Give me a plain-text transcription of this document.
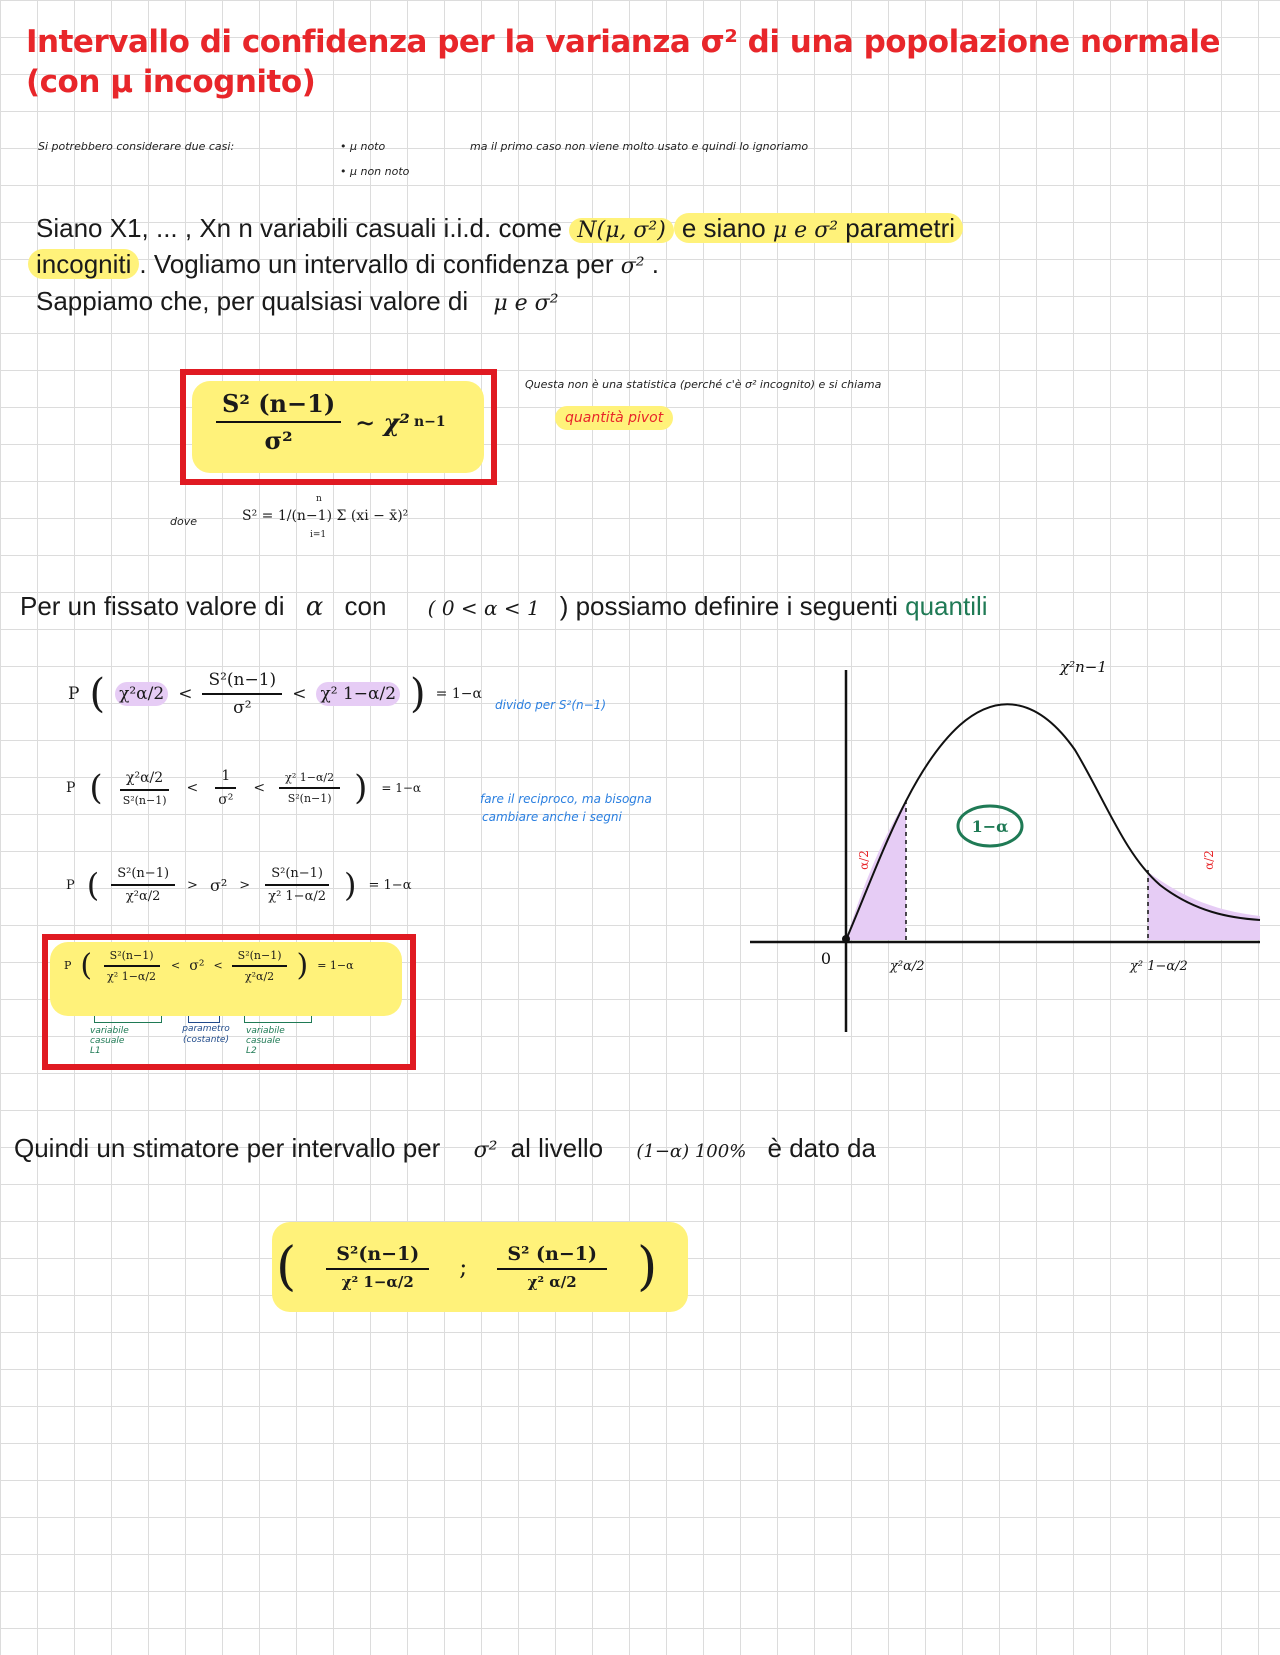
Intervallo di confidenza per la varianza σ² di una popolazione normale (con μ incognito)
Si potrebbero considerare due casi:	• μ noto
• μ non noto
ma il primo caso non viene molto usato e quindi lo ignoriamo
Siano X1, ... , Xn n variabili casuali i.i.d. come N(μ, σ²) e siano μ e σ² parametri
incogniti . Vogliamo un intervallo di confidenza per σ² .
Sappiamo che, per qualsiasi valore di μ e σ²
$\frac{\text{S² (n−1)}}{\text{σ²}}$ ∼ χ² n−1
Questa non è una statistica (perché c'è σ² incognito) e si chiama
quantità pivot
dove	S² = 1/(n−1) Σ (xi − x̄)²
n
i=1
Per un fissato valore di α con ( 0 < α < 1 ) possiamo definire i seguenti quantili
P ( $\chi^2\alpha/2 < \frac{\text{S²(n−1)}}{\text{σ²}} < \chi^2$ 1−α/2 ) = 1−α
divido per S²(n−1)
P ( $\frac{\text{χ²α/2}}{\text{S²(n−1)}} < \frac{1}{\text{σ²}} < \frac{\text{χ² 1−α/2}}{\text{S²(n−1)}}$ ) = 1−α
fare il reciproco, ma bisogna
cambiare anche i segni
P ( $\frac{\text{S²(n−1)}}{\text{χ²α/2}} > \sigma^2 > \frac{\text{S²(n−1)}}{\text{χ² 1−α/2}}$ ) = 1−α
P ( $\frac{\text{S²(n−1)}}{\text{χ² 1−α/2}} < \sigma^2 < \frac{\text{S²(n−1)}}{\text{χ²α/2}}$ ) = 1−α
variabile casuale
L1
parametro
(costante)
variabile casuale
L2
1−α
χ²n−1
0	χ²α/2	χ² 1−α/2
α/2	α/2
Quindi un stimatore per intervallo per σ² al livello (1−α) 100% è dato da
( $\frac{\text{S²(n−1)}}{\text{χ² 1−α/2}}$ ; $\frac{\text{S² (n−1)}}{\text{χ² α/2}}$ )
